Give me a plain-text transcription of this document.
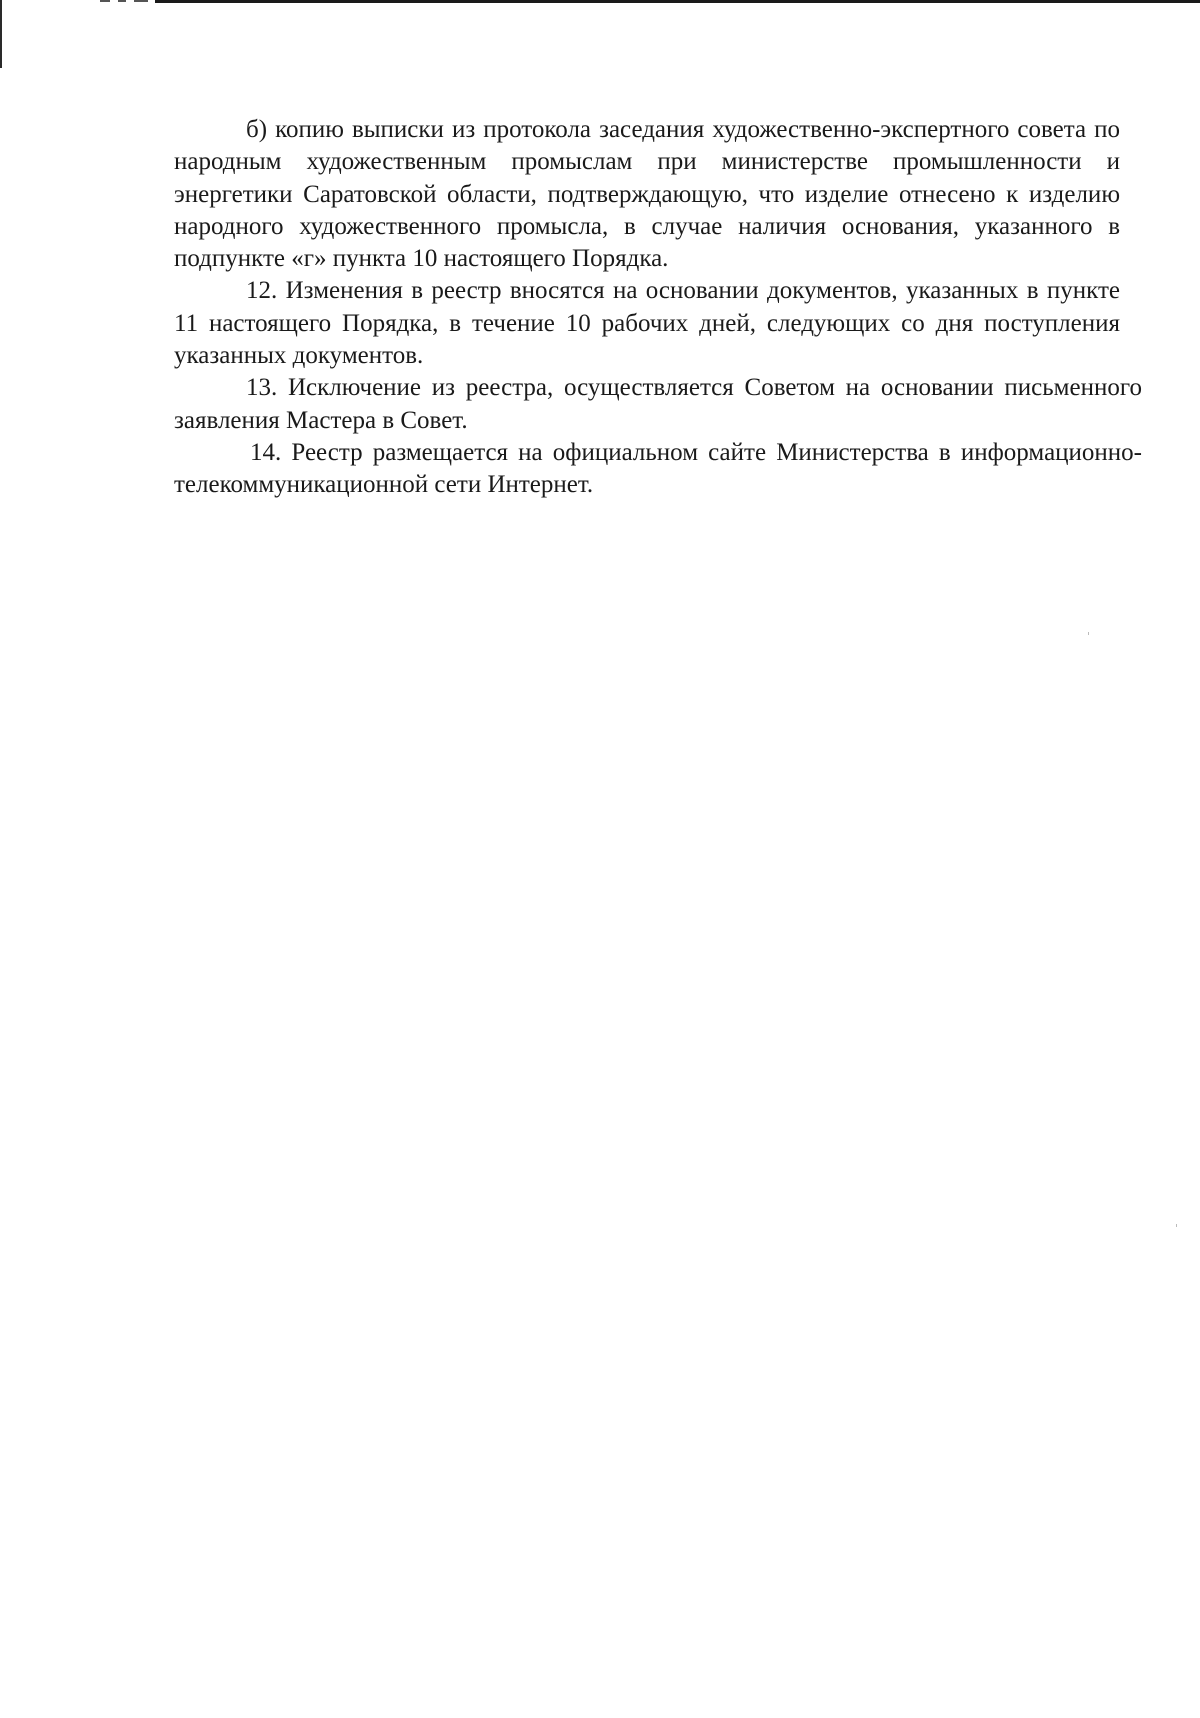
б) копию выписки из протокола заседания художественно-экспертного совета по народным художественным промыслам при министерстве промышленности и энергетики Саратовской области, подтверждающую, что изделие отнесено к изделию народного художественного промысла, в случае наличия основания, указанного в подпункте «г» пункта 10 настоящего Порядка.

12. Изменения в реестр вносятся на основании документов, указанных в пункте 11 настоящего Порядка, в течение 10 рабочих дней, следующих со дня поступления указанных документов.

13. Исключение из реестра, осуществляется Советом на основании письменного заявления Мастера в Совет.

14. Реестр размещается на официальном сайте Министерства в информационно-телекоммуникационной сети Интернет.
